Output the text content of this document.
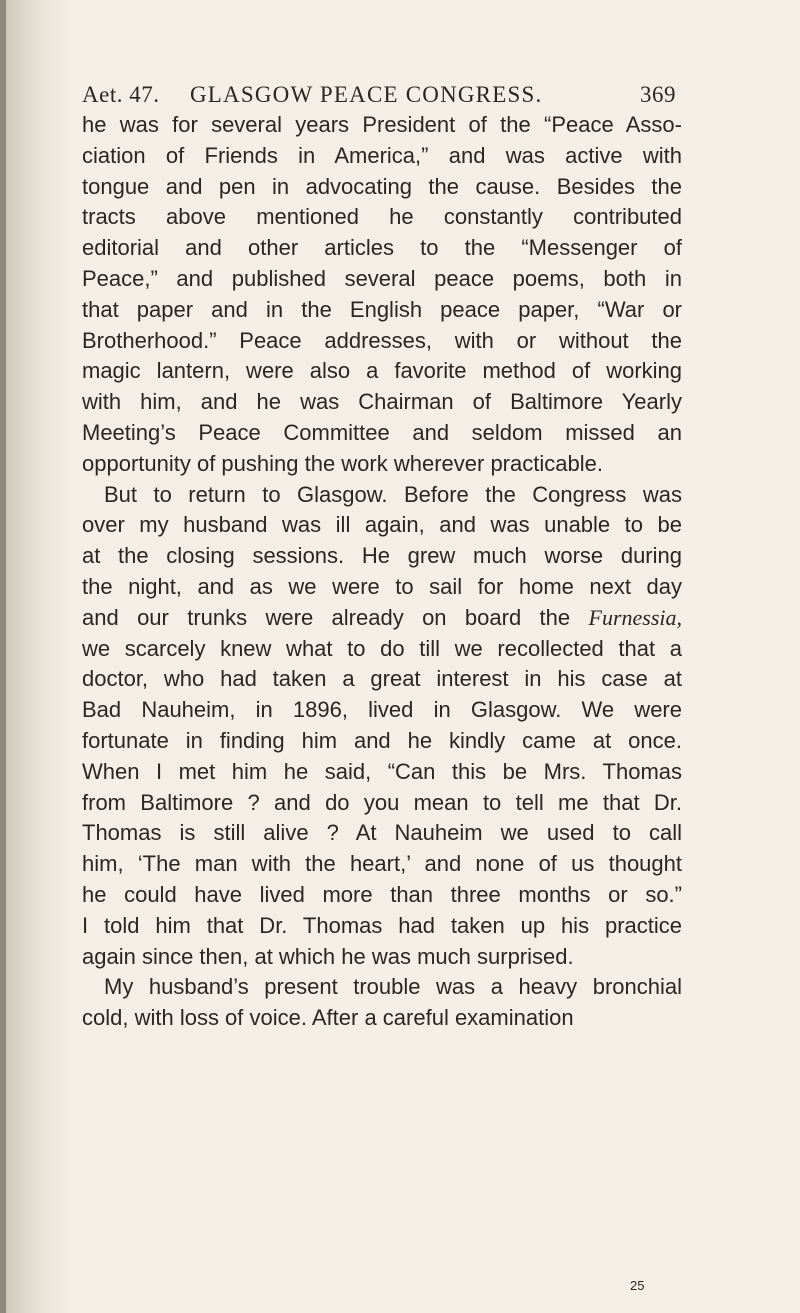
Aet. 47. GLASGOW PEACE CONGRESS.	369
he was for several years President of the “Peace Asso-
ciation of Friends in America,” and was active with
tongue and pen in advocating the cause. Besides the
tracts above mentioned he constantly contributed
editorial and other articles to the “Messenger of
Peace,” and published several peace poems, both in
that paper and in the English peace paper, “War or
Brotherhood.” Peace addresses, with or without the
magic lantern, were also a favorite method of working
with him, and he was Chairman of Baltimore Yearly
Meeting’s Peace Committee and seldom missed an
opportunity of pushing the work wherever practicable.
But to return to Glasgow. Before the Congress was
over my husband was ill again, and was unable to be
at the closing sessions. He grew much worse during
the night, and as we were to sail for home next day
and our trunks were already on board the Furnessia,
we scarcely knew what to do till we recollected that a
doctor, who had taken a great interest in his case at
Bad Nauheim, in 1896, lived in Glasgow. We were
fortunate in finding him and he kindly came at once.
When I met him he said, “Can this be Mrs. Thomas
from Baltimore ? and do you mean to tell me that Dr.
Thomas is still alive ? At Nauheim we used to call
him, ‘The man with the heart,’ and none of us thought
he could have lived more than three months or so.”
I told him that Dr. Thomas had taken up his practice
again since then, at which he was much surprised.
My husband’s present trouble was a heavy bronchial
cold, with loss of voice. After a careful examination
25
